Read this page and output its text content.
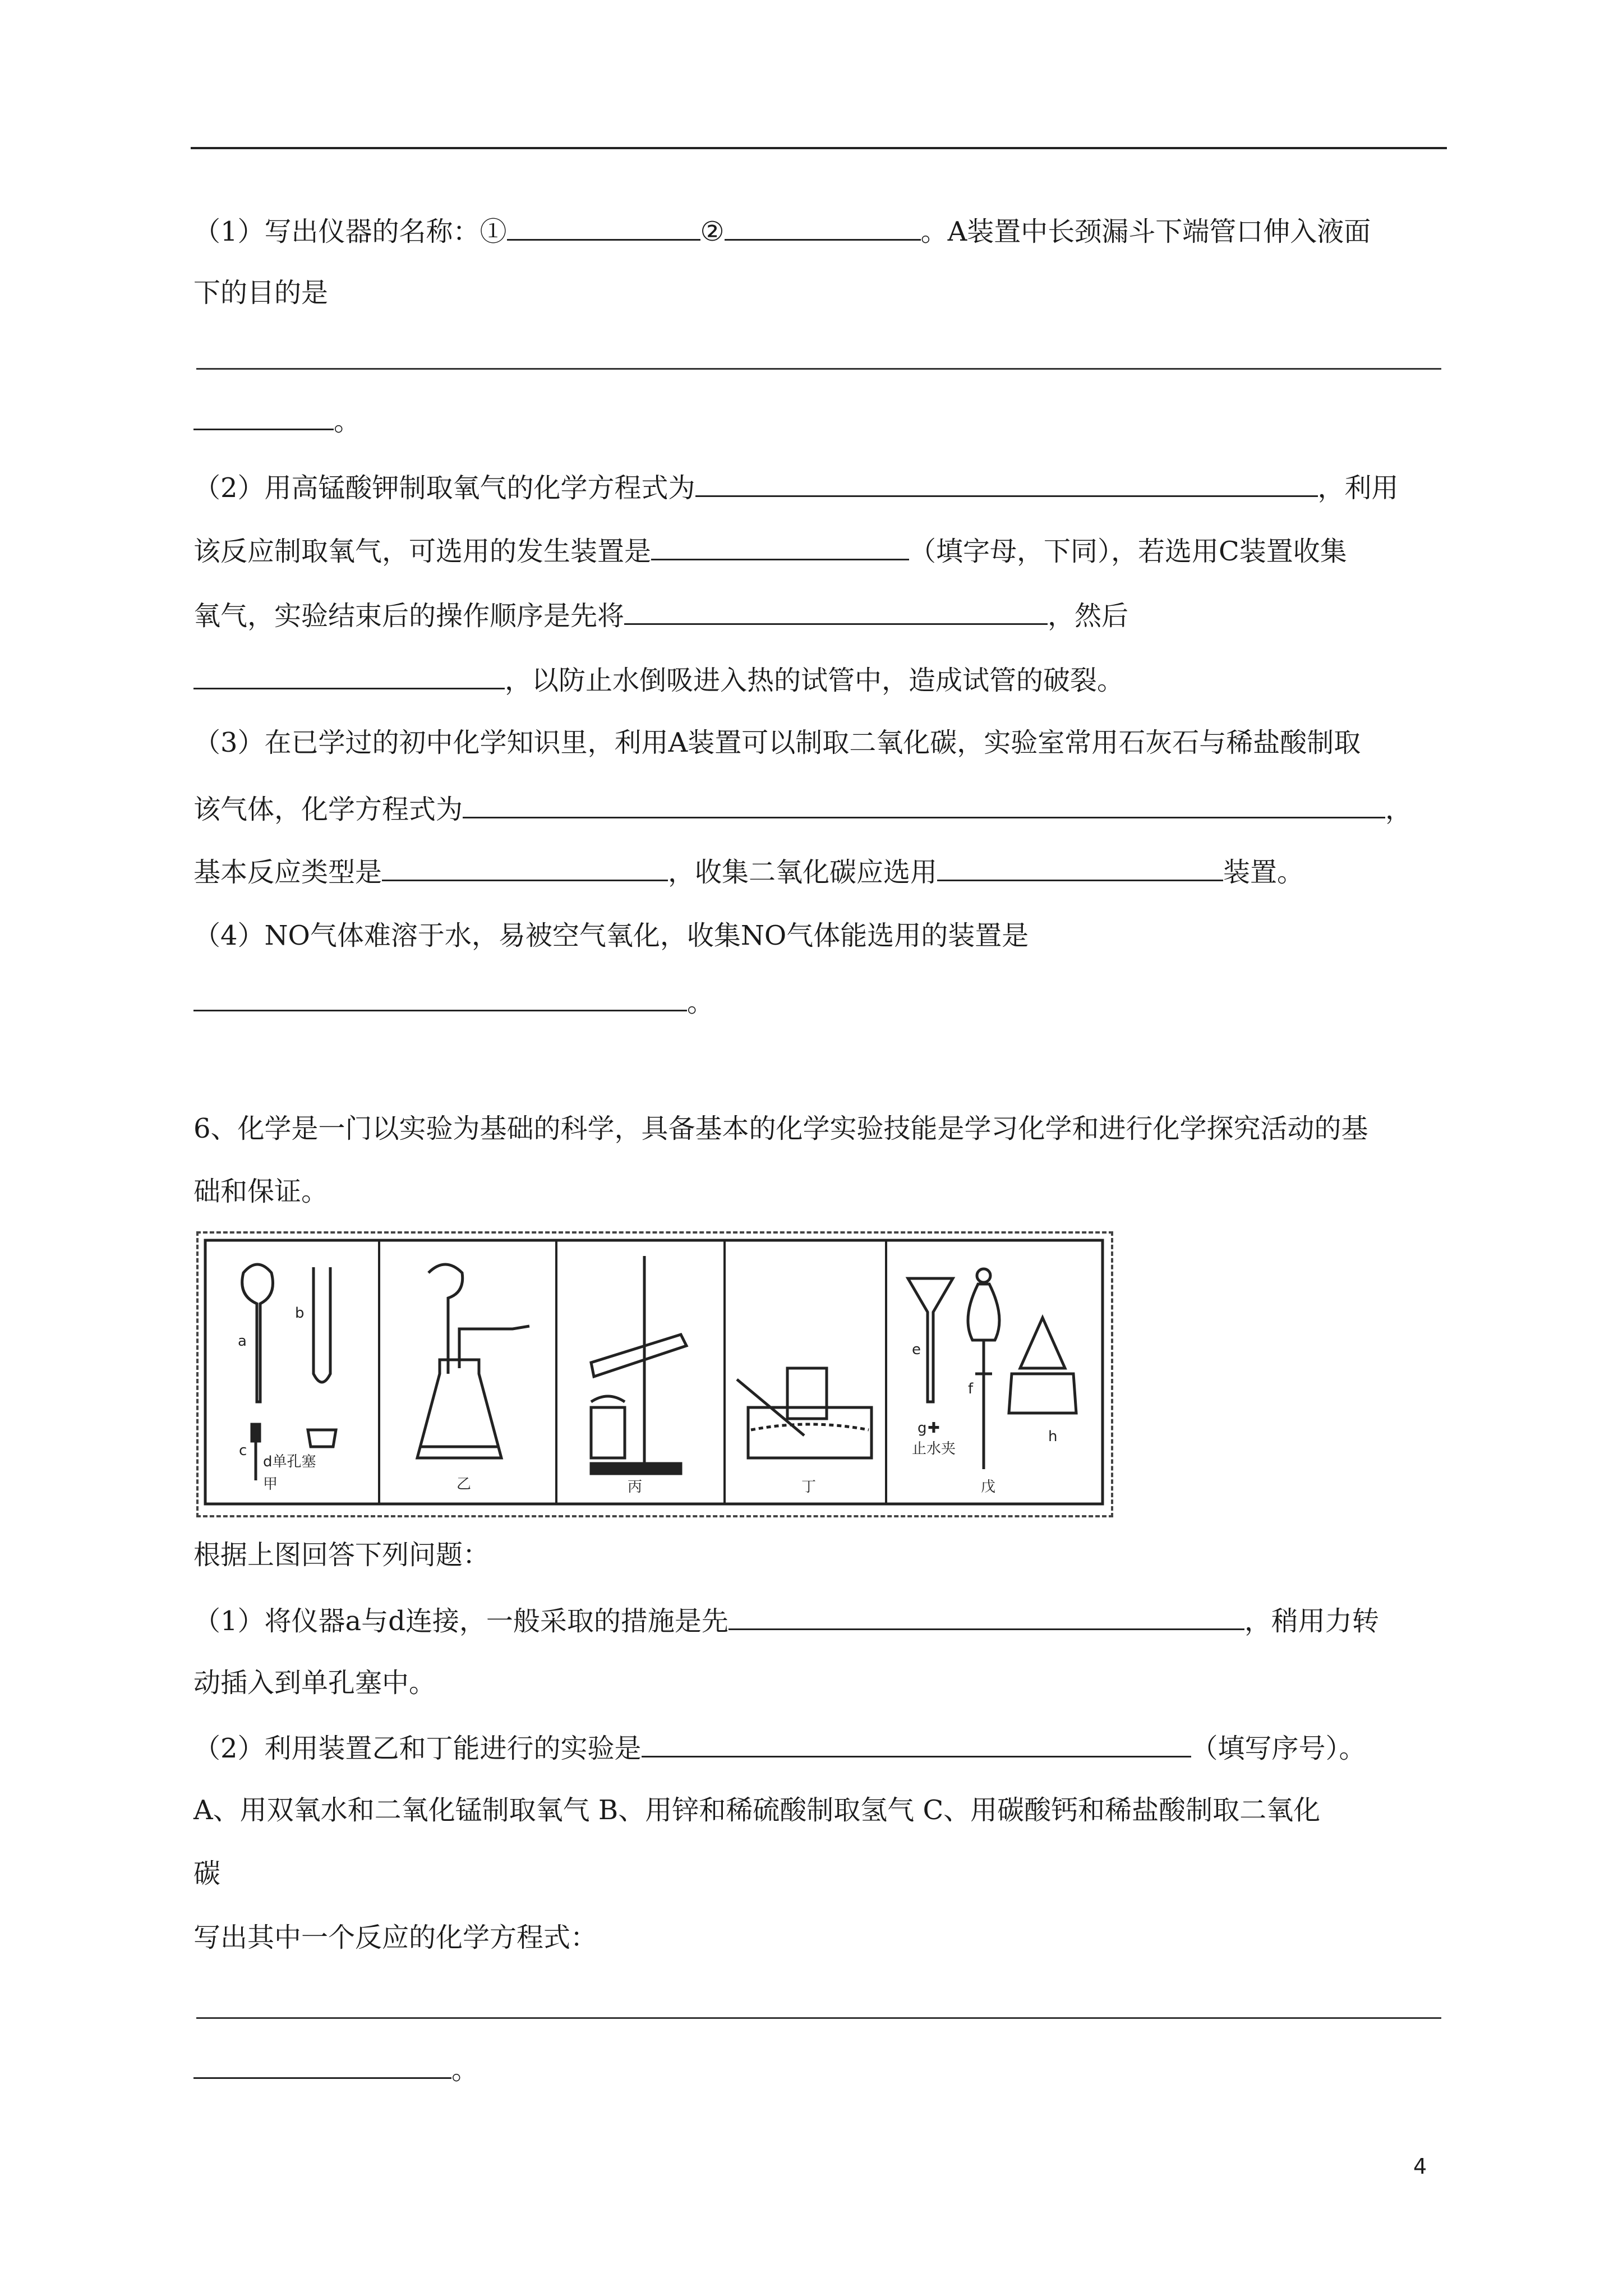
（1）写出仪器的名称：①	②	。A装置中长颈漏斗下端管口伸入液面
下的目的是
。
（2）用高锰酸钾制取氧气的化学方程式为	，利用
该反应制取氧气，可选用的发生装置是	（填字母，下同），若选用C装置收集
氧气，实验结束后的操作顺序是先将	，然后
，以防止水倒吸进入热的试管中，造成试管的破裂。
（3）在已学过的初中化学知识里，利用A装置可以制取二氧化碳，实验室常用石灰石与稀盐酸制取
该气体，化学方程式为	，
基本反应类型是	，收集二氧化碳应选用	装置。
（4）NO气体难溶于水，易被空气氧化，收集NO气体能选用的装置是
。
6、化学是一门以实验为基础的科学，具备基本的化学实验技能是学习化学和进行化学探究活动的基
础和保证。
a
b
c
d单孔塞
甲	乙	丙	丁
e
f
g ✚
止水夹
h
戊
根据上图回答下列问题：
（1）将仪器a与d连接，一般采取的措施是先	，稍用力转
动插入到单孔塞中。
（2）利用装置乙和丁能进行的实验是	（填写序号）。
A、用双氧水和二氧化锰制取氧气 B、用锌和稀硫酸制取氢气 C、用碳酸钙和稀盐酸制取二氧化
碳
写出其中一个反应的化学方程式：
。
4
